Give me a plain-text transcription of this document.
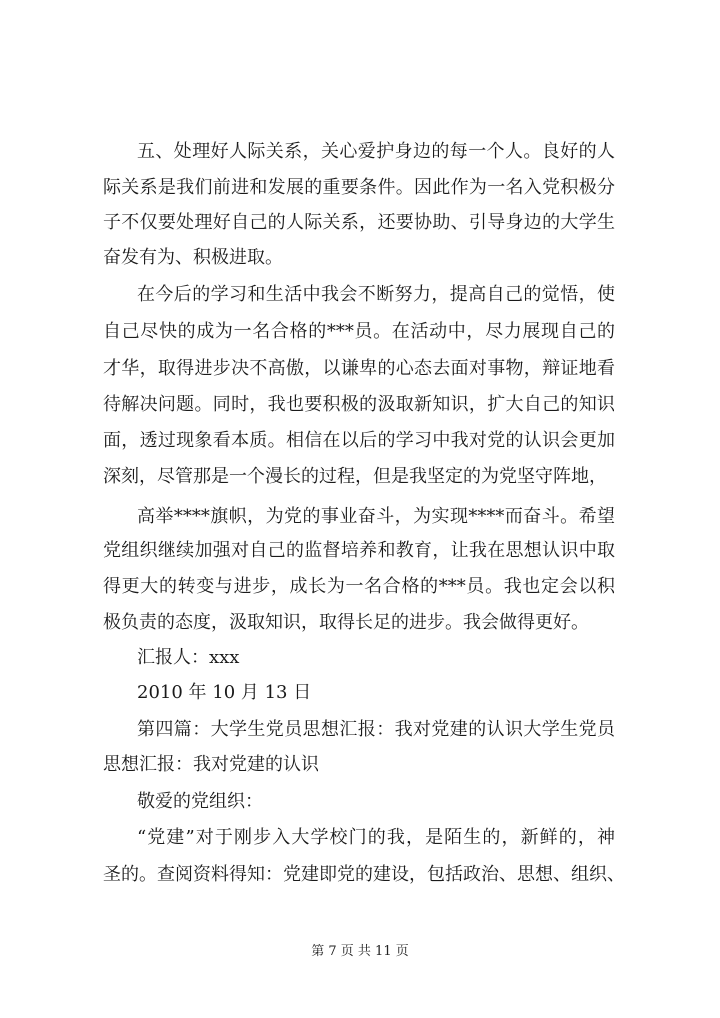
五、处理好人际关系，关心爱护身边的每一个人。良好的人
际关系是我们前进和发展的重要条件。因此作为一名入党积极分
子不仅要处理好自己的人际关系，还要协助、引导身边的大学生
奋发有为、积极进取。
在今后的学习和生活中我会不断努力，提高自己的觉悟，使
自己尽快的成为一名合格的***员。在活动中，尽力展现自己的
才华，取得进步决不高傲，以谦卑的心态去面对事物，辩证地看
待解决问题。同时，我也要积极的汲取新知识，扩大自己的知识
面，透过现象看本质。相信在以后的学习中我对党的认识会更加
深刻，尽管那是一个漫长的过程，但是我坚定的为党坚守阵地，
高举****旗帜，为党的事业奋斗，为实现****而奋斗。希望
党组织继续加强对自己的监督培养和教育，让我在思想认识中取
得更大的转变与进步，成长为一名合格的***员。我也定会以积
极负责的态度，汲取知识，取得长足的进步。我会做得更好。
汇报人：xxx
2010 年 10 月 13 日
第四篇：大学生党员思想汇报：我对党建的认识大学生党员
思想汇报：我对党建的认识
敬爱的党组织：
“党建”对于刚步入大学校门的我，是陌生的，新鲜的，神
圣的。查阅资料得知：党建即党的建设，包括政治、思想、组织、
第 7 页 共 11 页
